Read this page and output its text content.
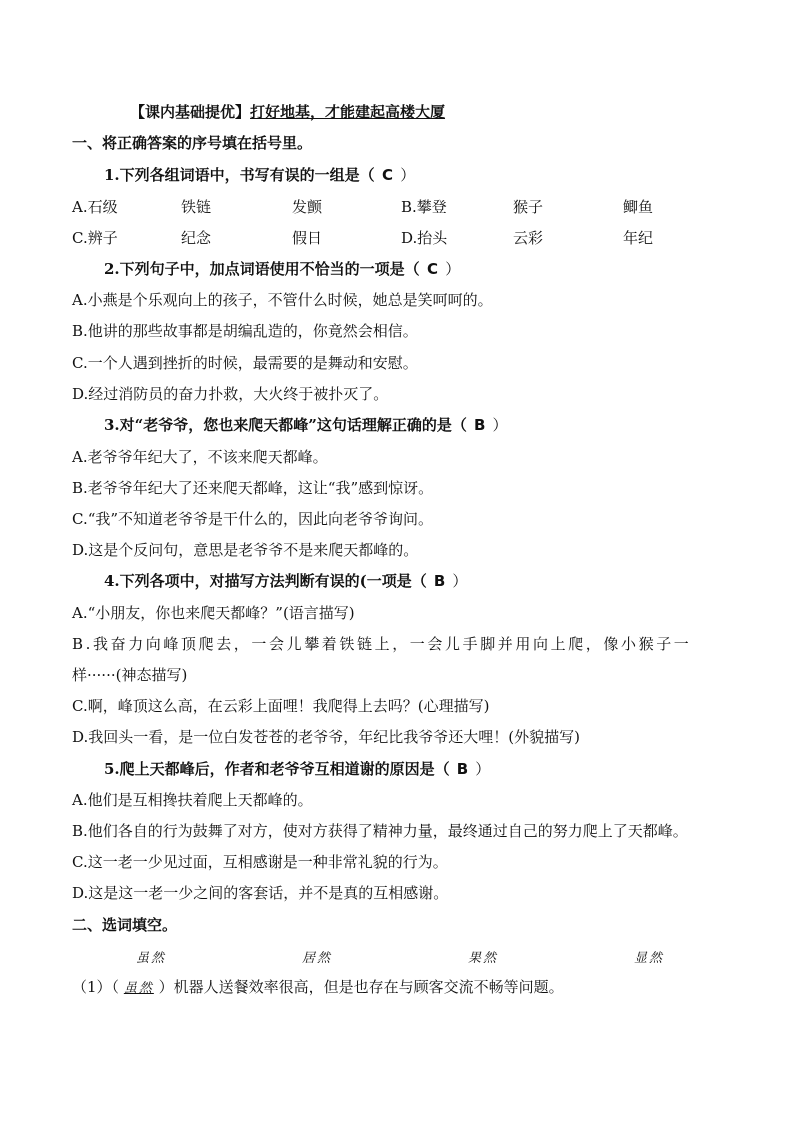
【课内基础提优】打好地基，才能建起高楼大厦
一、将正确答案的序号填在括号里。
1.下列各组词语中，书写有误的一组是（ C ）
A.石级	铁链	发颤	B.攀登	猴子	鲫鱼
C.辨子	纪念	假日	D.抬头	云彩	年纪
2.下列句子中，加点词语使用不恰当的一项是（ C ）
A.小燕是个乐观向上的孩子，不管什么时候，她总是笑呵呵的。
B.他讲的那些故事都是胡编乱造的，你竟然会相信。
C.一个人遇到挫折的时候，最需要的是舞动和安慰。
D.经过消防员的奋力扑救，大火终于被扑灭了。
3.对“老爷爷，您也来爬天都峰”这句话理解正确的是（ B ）
A.老爷爷年纪大了，不该来爬天都峰。
B.老爷爷年纪大了还来爬天都峰，这让“我”感到惊讶。
C.“我”不知道老爷爷是干什么的，因此向老爷爷询问。
D.这是个反问句，意思是老爷爷不是来爬天都峰的。
4.下列各项中，对描写方法判断有误的(一项是（ B ）
A.“小朋友，你也来爬天都峰？”(语言描写)
B.我奋力向峰顶爬去，一会儿攀着铁链上，一会儿手脚并用向上爬，像小猴子一
样······(神态描写)
C.啊，峰顶这么高，在云彩上面哩！我爬得上去吗？(心理描写)
D.我回头一看，是一位白发苍苍的老爷爷，年纪比我爷爷还大哩！(外貌描写)
5.爬上天都峰后，作者和老爷爷互相道谢的原因是（ B ）
A.他们是互相搀扶着爬上天都峰的。
B.他们各自的行为鼓舞了对方，使对方获得了精神力量，最终通过自己的努力爬上了天都峰。
C.这一老一少见过面，互相感谢是一种非常礼貌的行为。
D.这是这一老一少之间的客套话，并不是真的互相感谢。
二、选词填空。
虽然	居然	果然	显然
（1）（ 虽然 ）机器人送餐效率很高，但是也存在与顾客交流不畅等问题。
